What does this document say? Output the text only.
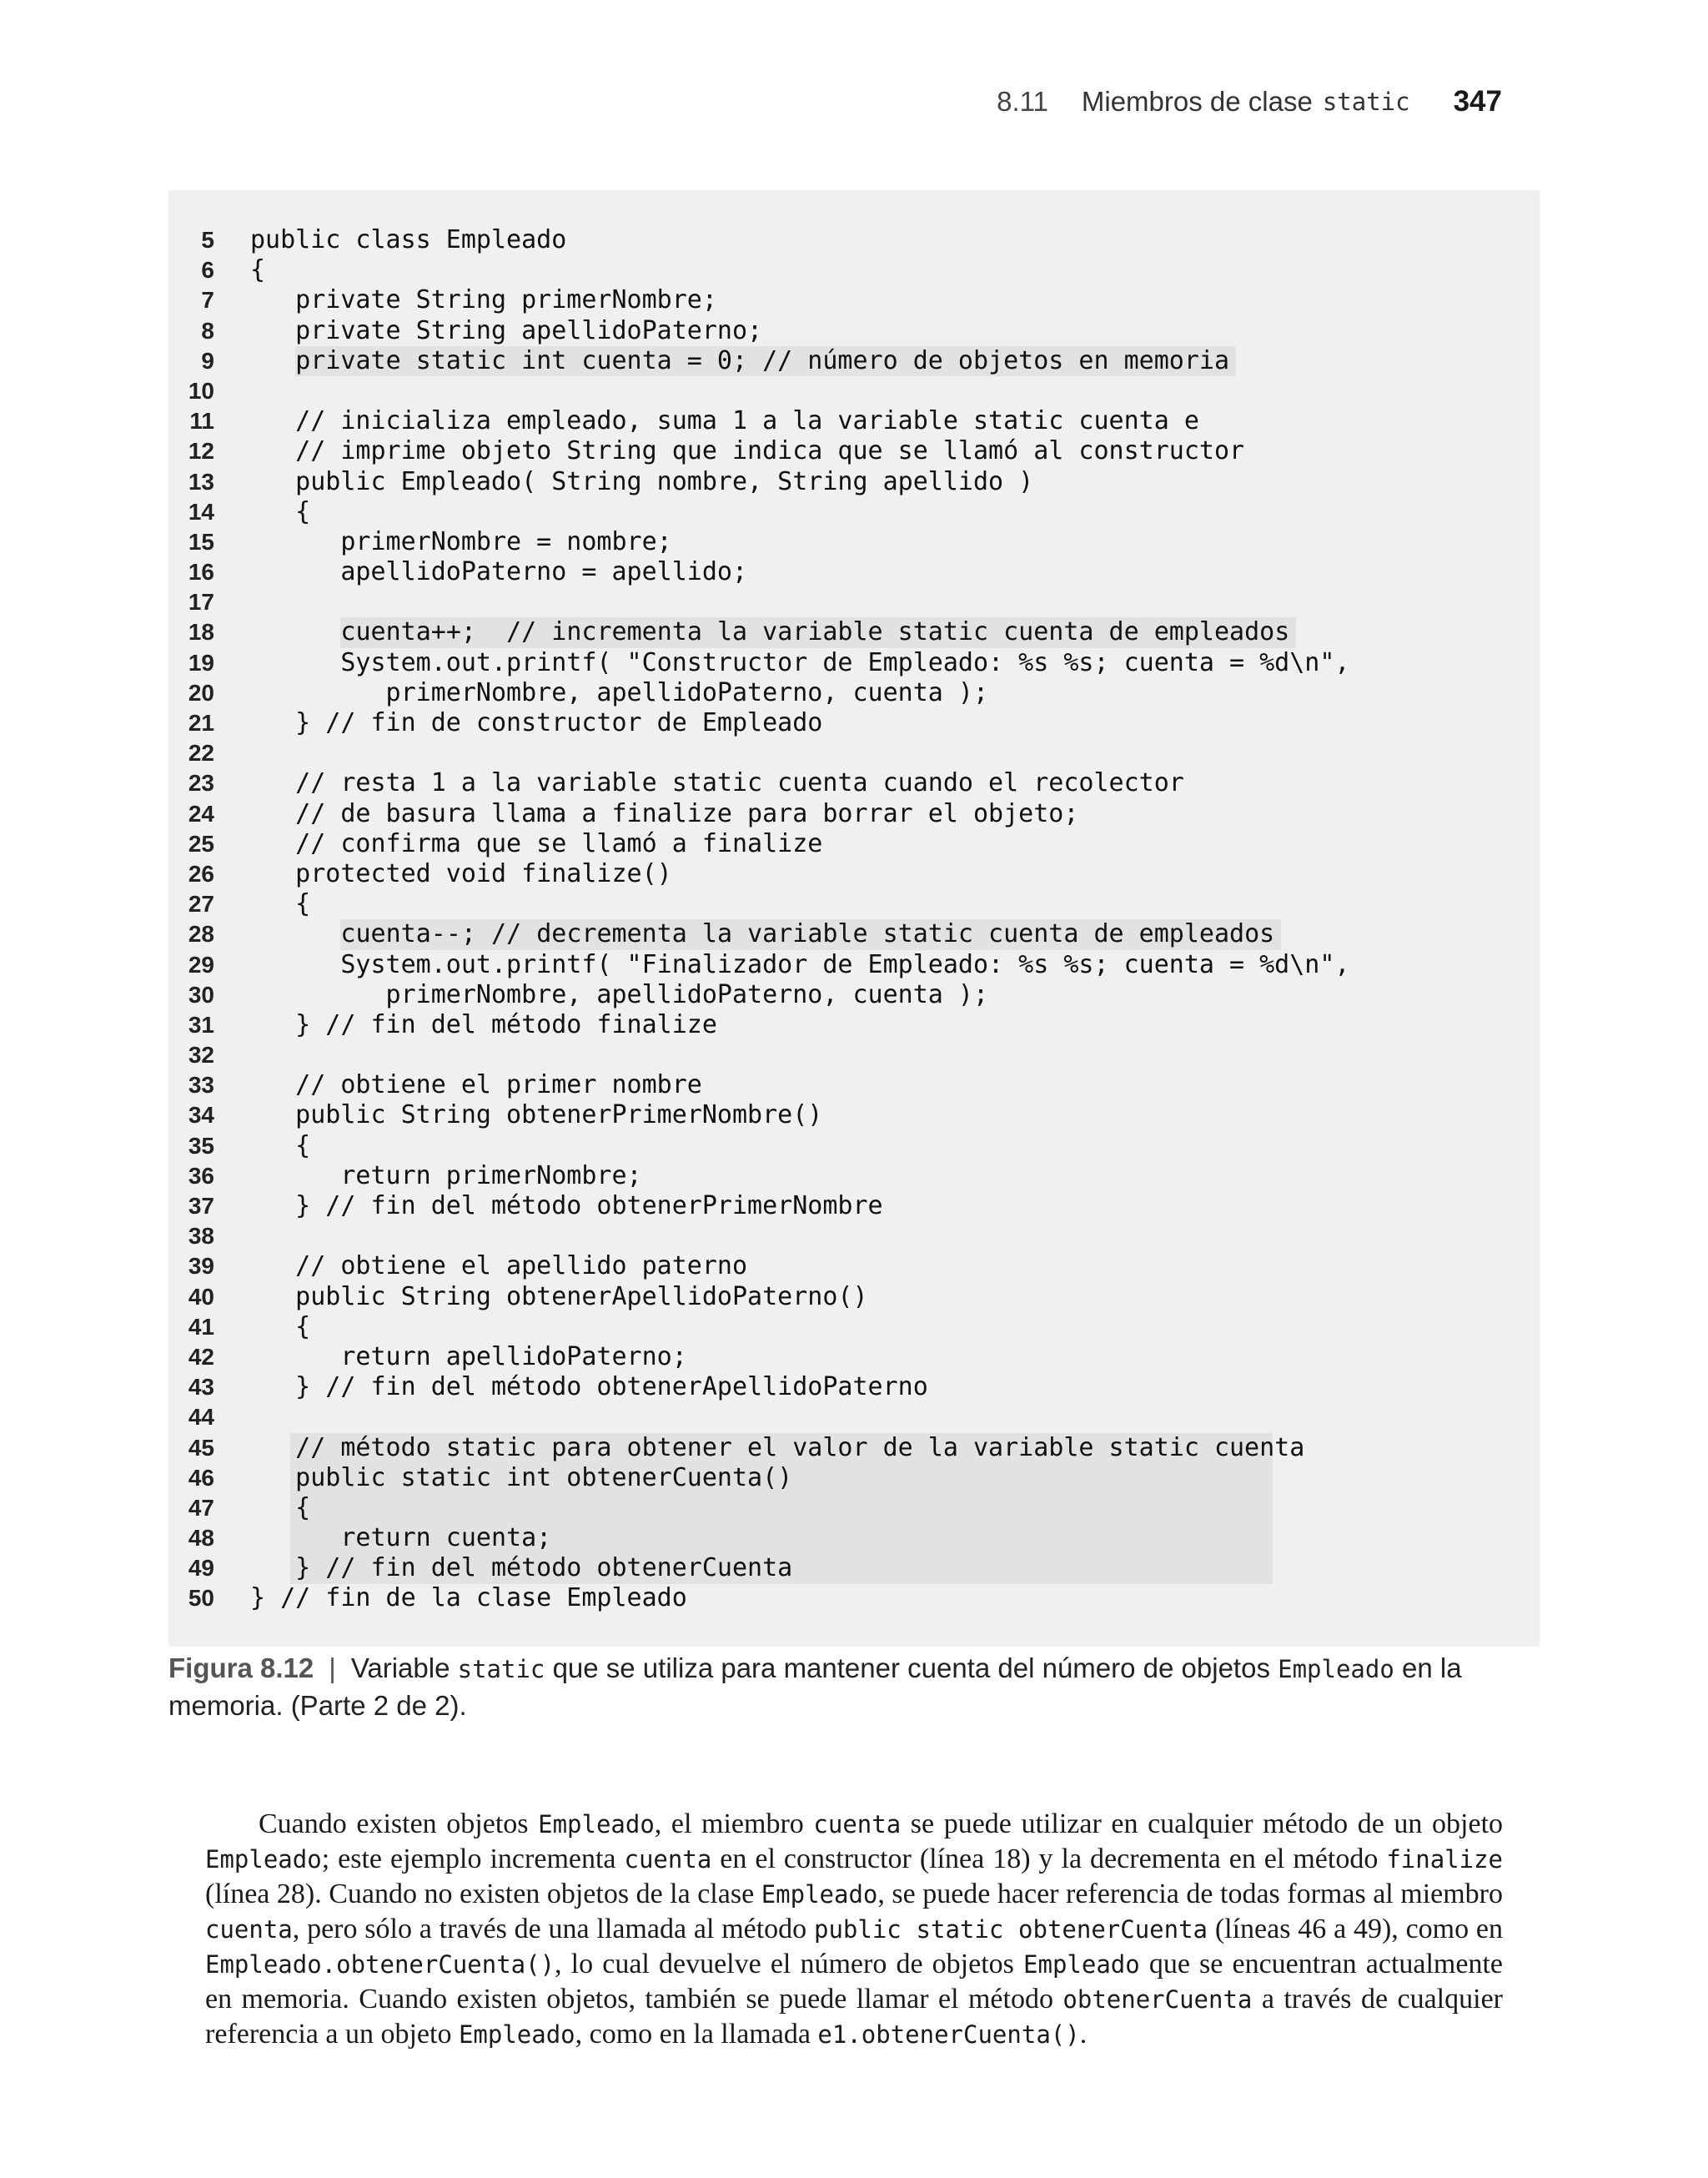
8.11 Miembros de clase static 347
5 public class Empleado
6 {
7 private String primerNombre;
8 private String apellidoPaterno;
9	private static int cuenta = 0; // número de objetos en memoria
10
11 // inicializa empleado, suma 1 a la variable static cuenta e
12 // imprime objeto String que indica que se llamó al constructor
13 public Empleado( String nombre, String apellido )
14 {
15 primerNombre = nombre;
16 apellidoPaterno = apellido;
17
18	cuenta++;  // incrementa la variable static cuenta de empleados
19 System.out.printf( "Constructor de Empleado: %s %s; cuenta = %d\n",
20 primerNombre, apellidoPaterno, cuenta );
21 } // fin de constructor de Empleado
22
23 // resta 1 a la variable static cuenta cuando el recolector
24 // de basura llama a finalize para borrar el objeto;
25 // confirma que se llamó a finalize
26 protected void finalize()
27 {
28	cuenta--; // decrementa la variable static cuenta de empleados
29 System.out.printf( "Finalizador de Empleado: %s %s; cuenta = %d\n",
30 primerNombre, apellidoPaterno, cuenta );
31 } // fin del método finalize
32
33 // obtiene el primer nombre
34 public String obtenerPrimerNombre()
35 {
36 return primerNombre;
37 } // fin del método obtenerPrimerNombre
38
39 // obtiene el apellido paterno
40 public String obtenerApellidoPaterno()
41 {
42 return apellidoPaterno;
43 } // fin del método obtenerApellidoPaterno
44
45 // método static para obtener el valor de la variable static cuenta
46 public static int obtenerCuenta()
47 {
48 return cuenta;
49 } // fin del método obtenerCuenta
50 } // fin de la clase Empleado
Figura 8.12 | Variable static que se utiliza para mantener cuenta del número de objetos Empleado en la memoria. (Parte 2 de 2).
Cuando existen objetos Empleado, el miembro cuenta se puede utilizar en cualquier método de un objeto Empleado; este ejemplo incrementa cuenta en el constructor (línea 18) y la decrementa en el método finalize (línea 28). Cuando no existen objetos de la clase Empleado, se puede hacer referencia de todas formas al miembro cuenta, pero sólo a través de una llamada al método public static obtenerCuenta (líneas 46 a 49), como en Empleado.obtenerCuenta(), lo cual devuelve el número de objetos Empleado que se encuentran actualmente en memoria. Cuando existen objetos, también se puede llamar el método obtenerCuenta a través de cualquier referencia a un objeto Empleado, como en la llamada e1.obtenerCuenta().
